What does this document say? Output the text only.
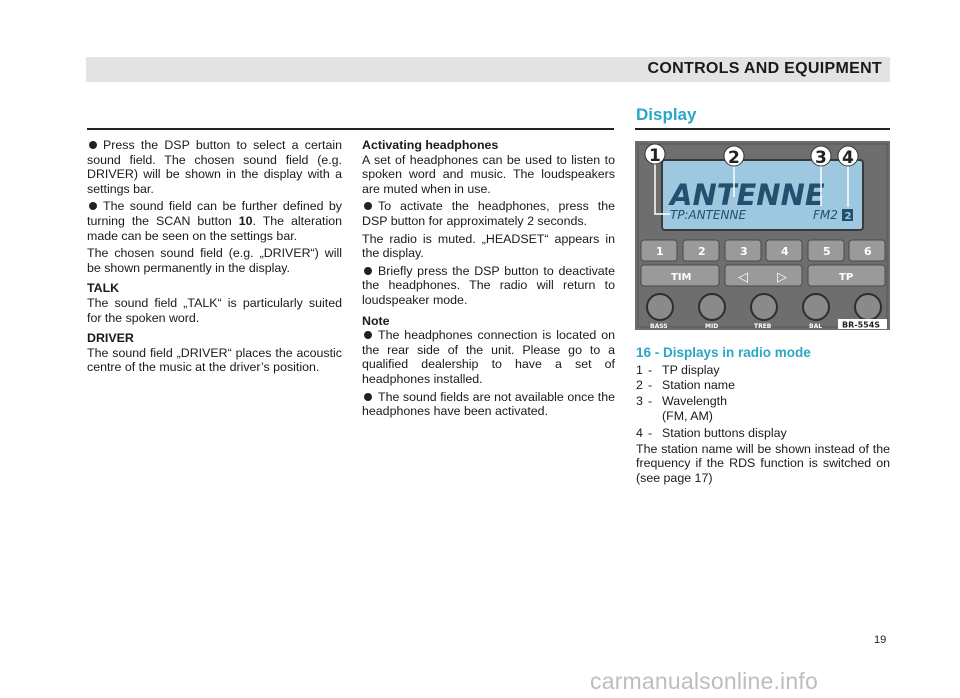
CONTROLS AND EQUIPMENT
Display

Press the DSP button to select a certain sound field. The chosen sound field (e.g. DRIVER) will be shown in the display with a settings bar.

The sound field can be further defined by turning the SCAN button 10. The alteration made can be seen on the settings bar.

The chosen sound field (e.g. „DRIVER“) will be shown permanently in the display.

TALK

The sound field „TALK“ is particularly suited for the spoken word.

DRIVER

The sound field „DRIVER“ places the acoustic centre of the music at the driver’s position.

Activating headphones

A set of headphones can be used to listen to spoken word and music. The loudspeakers are muted when in use.

To activate the headphones, press the DSP button for approximately 2 seconds.

The radio is muted. „HEADSET“ appears in the display.

Briefly press the DSP button to deactivate the headphones. The radio will return to loudspeaker mode.

Note

The headphones connection is located on the rear side of the unit. Please go to a qualified dealership to have a set of headphones installed.

The sound fields are not available once the headphones have been activated.

ANTENNE
TP:ANTENNE	FM2 2
1	2	3 4
1	2	3	4	5	6
TIM	◁ ▷	TP
BASS	MID	TREB	BAL BR-554S

16 - Displays in radio mode

1 - TP display
2 - Station name
3 - Wavelength
(FM, AM)
4 - Station buttons display

The station name will be shown instead of the frequency if the RDS function is switched on (see page 17)

19
carmanualsonline.info
